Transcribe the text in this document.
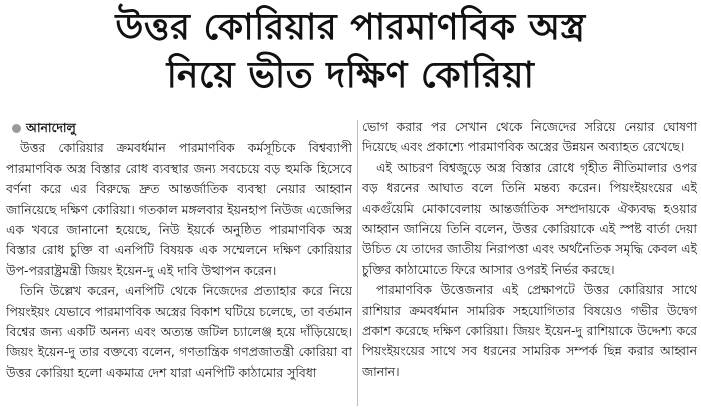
উত্তর কোরিয়ার পারমাণবিক অস্ত্র
নিয়ে ভীত দক্ষিণ কোরিয়া
আনাদোলু

উত্তর কোরিয়ার ক্রমবর্ধমান পারমাণবিক কর্মসূচিকে বিশ্বব্যাপী পারমাণবিক অস্ত্র বিস্তার রোধ ব্যবস্থার জন্য সবচেয়ে বড় হুমকি হিসেবে বর্ণনা করে এর বিরুদ্ধে দ্রুত আন্তর্জাতিক ব্যবস্থা নেয়ার আহ্বান জানিয়েছে দক্ষিণ কোরিয়া। গতকাল মঙ্গলবার ইয়নহাপ নিউজ এজেন্সির এক খবরে জানানো হয়েছে, নিউ ইয়র্কে অনুষ্ঠিত পারমাণবিক অস্ত্র বিস্তার রোধ চুক্তি বা এনপিটি বিষয়ক এক সম্মেলনে দক্ষিণ কোরিয়ার উপ-পররাষ্ট্রমন্ত্রী জিয়ং ইয়েন-দু এই দাবি উত্থাপন করেন।

তিনি উল্লেখ করেন, এনপিটি থেকে নিজেদের প্রত্যাহার করে নিয়ে পিয়ংইয়ং যেভাবে পারমাণবিক অস্ত্রের বিকাশ ঘটিয়ে চলেছে, তা বর্তমান বিশ্বের জন্য একটি অনন্য এবং অত্যন্ত জটিল চ্যালেঞ্জ হয়ে দাঁড়িয়েছে। জিয়ং ইয়েন-দু তার বক্তব্যে বলেন, গণতান্ত্রিক গণপ্রজাতন্ত্রী কোরিয়া বা উত্তর কোরিয়া হলো একমাত্র দেশ যারা এনপিটি কাঠামোর সুবিধা

ভোগ করার পর সেখান থেকে নিজেদের সরিয়ে নেয়ার ঘোষণা দিয়েছে এবং প্রকাশ্যে পারমাণবিক অস্ত্রের উন্নয়ন অব্যাহত রেখেছে।

এই আচরণ বিশ্বজুড়ে অস্ত্র বিস্তার রোধে গৃহীত নীতিমালার ওপর বড় ধরনের আঘাত বলে তিনি মন্তব্য করেন। পিয়ংইয়ংয়ের এই একগুঁয়েমি মোকাবেলায় আন্তর্জাতিক সম্প্রদায়কে ঐক্যবদ্ধ হওয়ার আহ্বান জানিয়ে তিনি বলেন, উত্তর কোরিয়াকে এই স্পষ্ট বার্তা দেয়া উচিত যে তাদের জাতীয় নিরাপত্তা এবং অর্থনৈতিক সমৃদ্ধি কেবল এই চুক্তির কাঠামোতে ফিরে আসার ওপরই নির্ভর করছে।

পারমাণবিক উত্তেজনার এই প্রেক্ষাপটে উত্তর কোরিয়ার সাথে রাশিয়ার ক্রমবর্ধমান সামরিক সহযোগিতার বিষয়েও গভীর উদ্বেগ প্রকাশ করেছে দক্ষিণ কোরিয়া। জিয়ং ইয়েন-দু রাশিয়াকে উদ্দেশ্য করে পিয়ংইয়ংয়ের সাথে সব ধরনের সামরিক সম্পর্ক ছিন্ন করার আহ্বান জানান।
